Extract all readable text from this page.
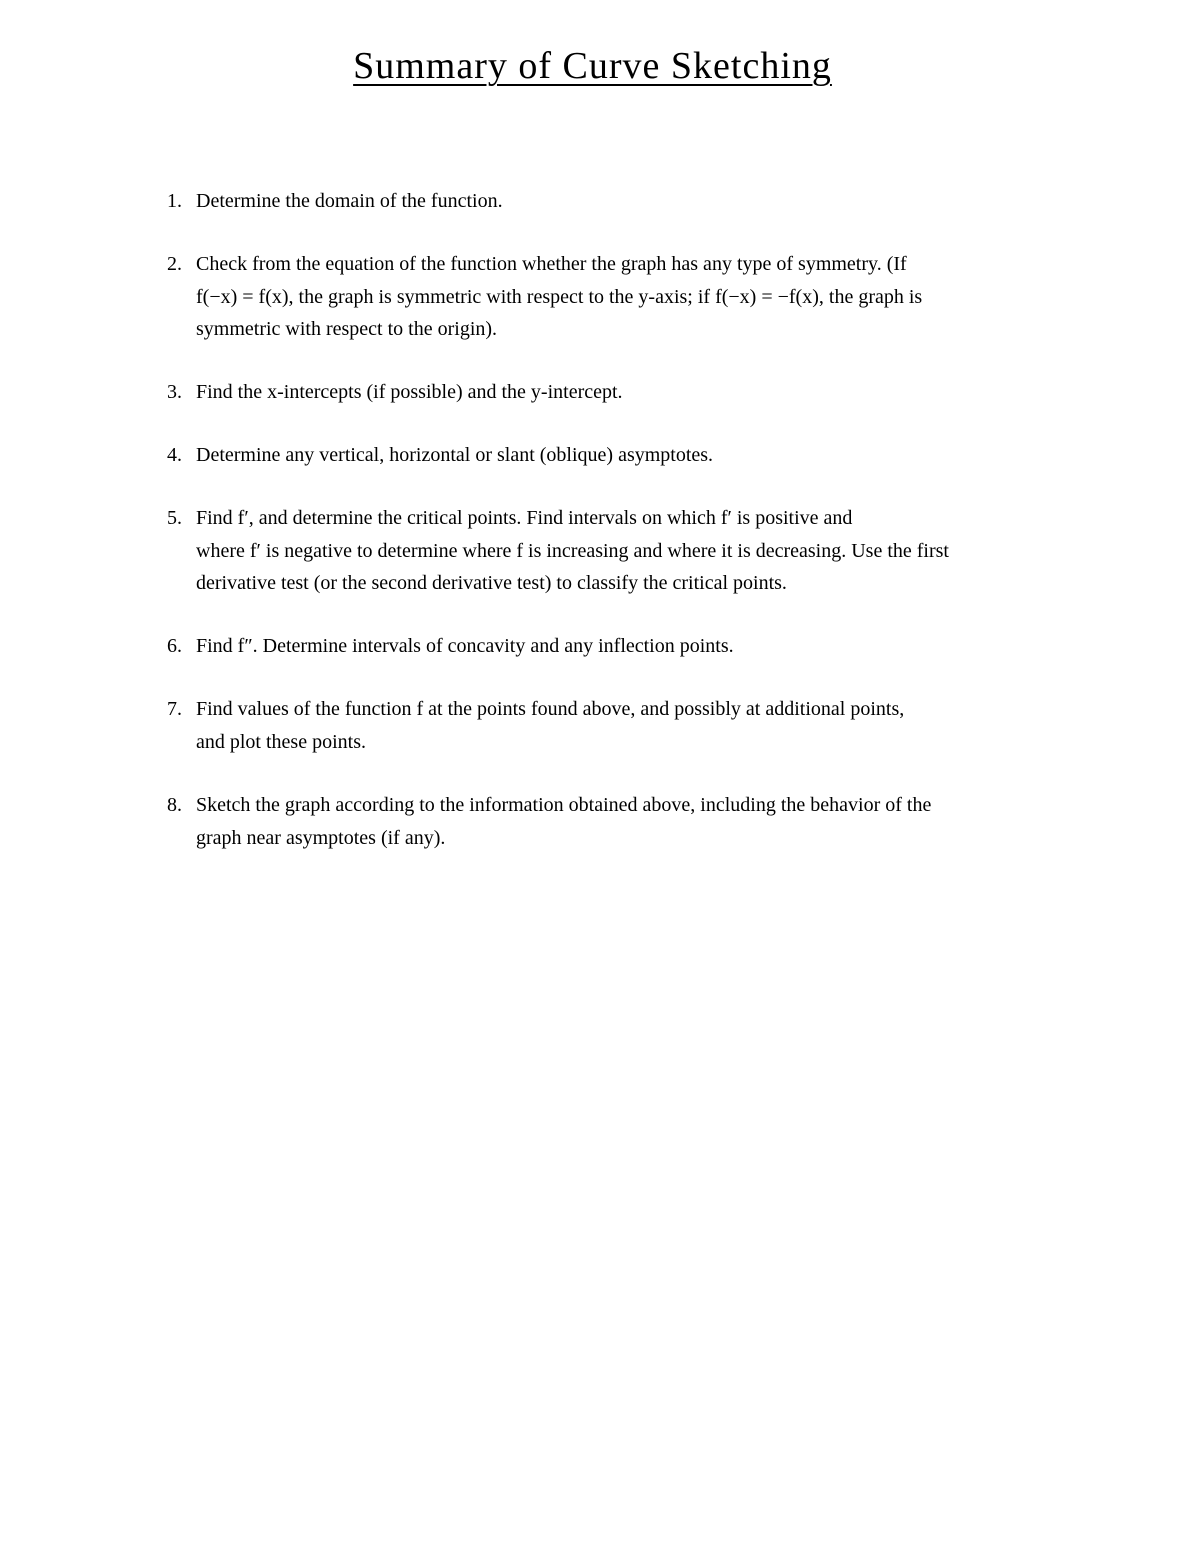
Summary of Curve Sketching
1. Determine the domain of the function.
2. Check from the equation of the function whether the graph has any type of symmetry. (If
f(−x) = f(x), the graph is symmetric with respect to the y-axis; if f(−x) = −f(x), the graph is
symmetric with respect to the origin).
3. Find the x-intercepts (if possible) and the y-intercept.
4. Determine any vertical, horizontal or slant (oblique) asymptotes.
5. Find f′, and determine the critical points. Find intervals on which f′ is positive and
where f′ is negative to determine where f is increasing and where it is decreasing. Use the first
derivative test (or the second derivative test) to classify the critical points.
6. Find f″. Determine intervals of concavity and any inflection points.
7. Find values of the function f at the points found above, and possibly at additional points,
and plot these points.
8. Sketch the graph according to the information obtained above, including the behavior of the
graph near asymptotes (if any).
